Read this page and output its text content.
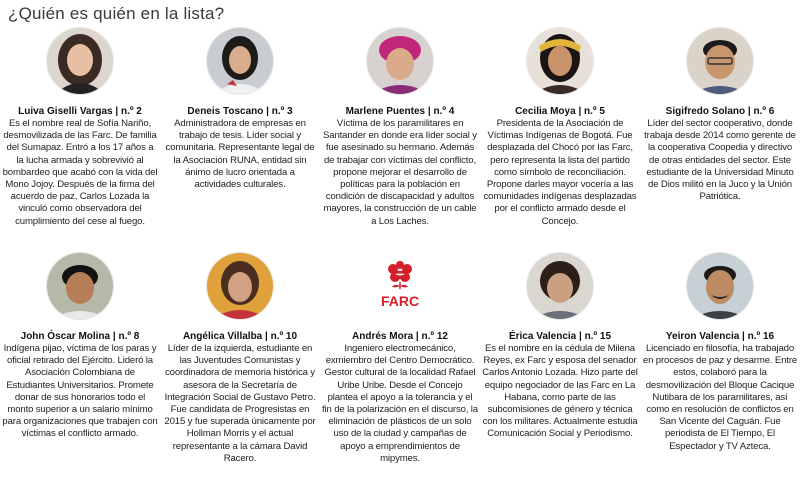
¿Quién es quién en la lista?
Luiva Giselli Vargas | n.º 2
Es el nombre real de Sofía Nariño, desmovilizada de las Farc. De familia del Sumapaz. Entró a los 17 años a la lucha armada y sobrevivió al bombardeo que acabó con la vida del Mono Jojoy. Después de la firma del acuerdo de paz, Carlos Lozada la vinculó como observadora del cumplimiento del cese al fuego.
Deneis Toscano | n.º 3
Administradora de empresas en trabajo de tesis. Líder social y comunitaria. Representante legal de la Asociación RUNA, entidad sin ánimo de lucro orientada a actividades culturales.
Marlene Puentes | n.º 4
Víctima de los paramilitares en Santander en donde era líder social y fue asesinado su hermano. Además de trabajar con víctimas del conflicto, propone mejorar el desarrollo de políticas para la población en condición de discapacidad y adultos mayores, la construcción de un cable a Los Laches.
Cecilia Moya | n.º 5
Presidenta de la Asociación de Víctimas Indígenas de Bogotá. Fue desplazada del Chocó por las Farc, pero representa la lista del partido como símbolo de reconciliación. Propone darles mayor vocería a las comunidades indígenas desplazadas por el conflicto armado desde el Concejo.
Sigifredo Solano | n.º 6
Líder del sector cooperativo, donde trabaja desde 2014 como gerente de la cooperativa Coopedia y directivo de otras entidades del sector. Este estudiante de la Universidad Minuto de Dios militó en la Juco y la Unión Patriótica.
John Óscar Molina | n.º 8
Indígena pijao, víctima de los paras y oficial retirado del Ejército. Lideró la Asociación Colombiana de Estudiantes Universitarios. Promete donar de sus honorarios todo el monto superior a un salario mínimo para organizaciones que trabajen con víctimas el conflicto armado.
Angélica Villalba | n.º 10
Líder de la izquierda, estudiante en las Juventudes Comunistas y coordinadora de memoria histórica y asesora de la Secretaría de Integración Social de Gustavo Petro. Fue candidata de Progresistas en 2015 y fue superada únicamente por Hollman Morris y el actual representante a la cámara David Racero.
FARC
Andrés Mora | n.º 12
Ingeniero electromecánico, exmiembro del Centro Democrático. Gestor cultural de la localidad Rafael Uribe Uribe. Desde el Concejo plantea el apoyo a la tolerancia y el fin de la polarización en el discurso, la eliminación de plásticos de un solo uso de la ciudad y campañas de apoyo a emprendimientos de mipymes.
Érica Valencia | n.º 15
Es el nombre en la cédula de Milena Reyes, ex Farc y esposa del senador Carlos Antonio Lozada. Hizo parte del equipo negociador de las Farc en La Habana, como parte de las subcomisiones de género y técnica con los militares. Actualmente estudia Comunicación Social y Periodismo.
Yeiron Valencia | n.º 16
Licenciado en filosofía, ha trabajado en procesos de paz y desarme. Entre estos, colaboró para la desmovilización del Bloque Cacique Nutibara de los paramilitares, así como en resolución de conflictos en San Vicente del Caguán. Fue periodista de El Tiempo, El Espectador y TV Azteca.
